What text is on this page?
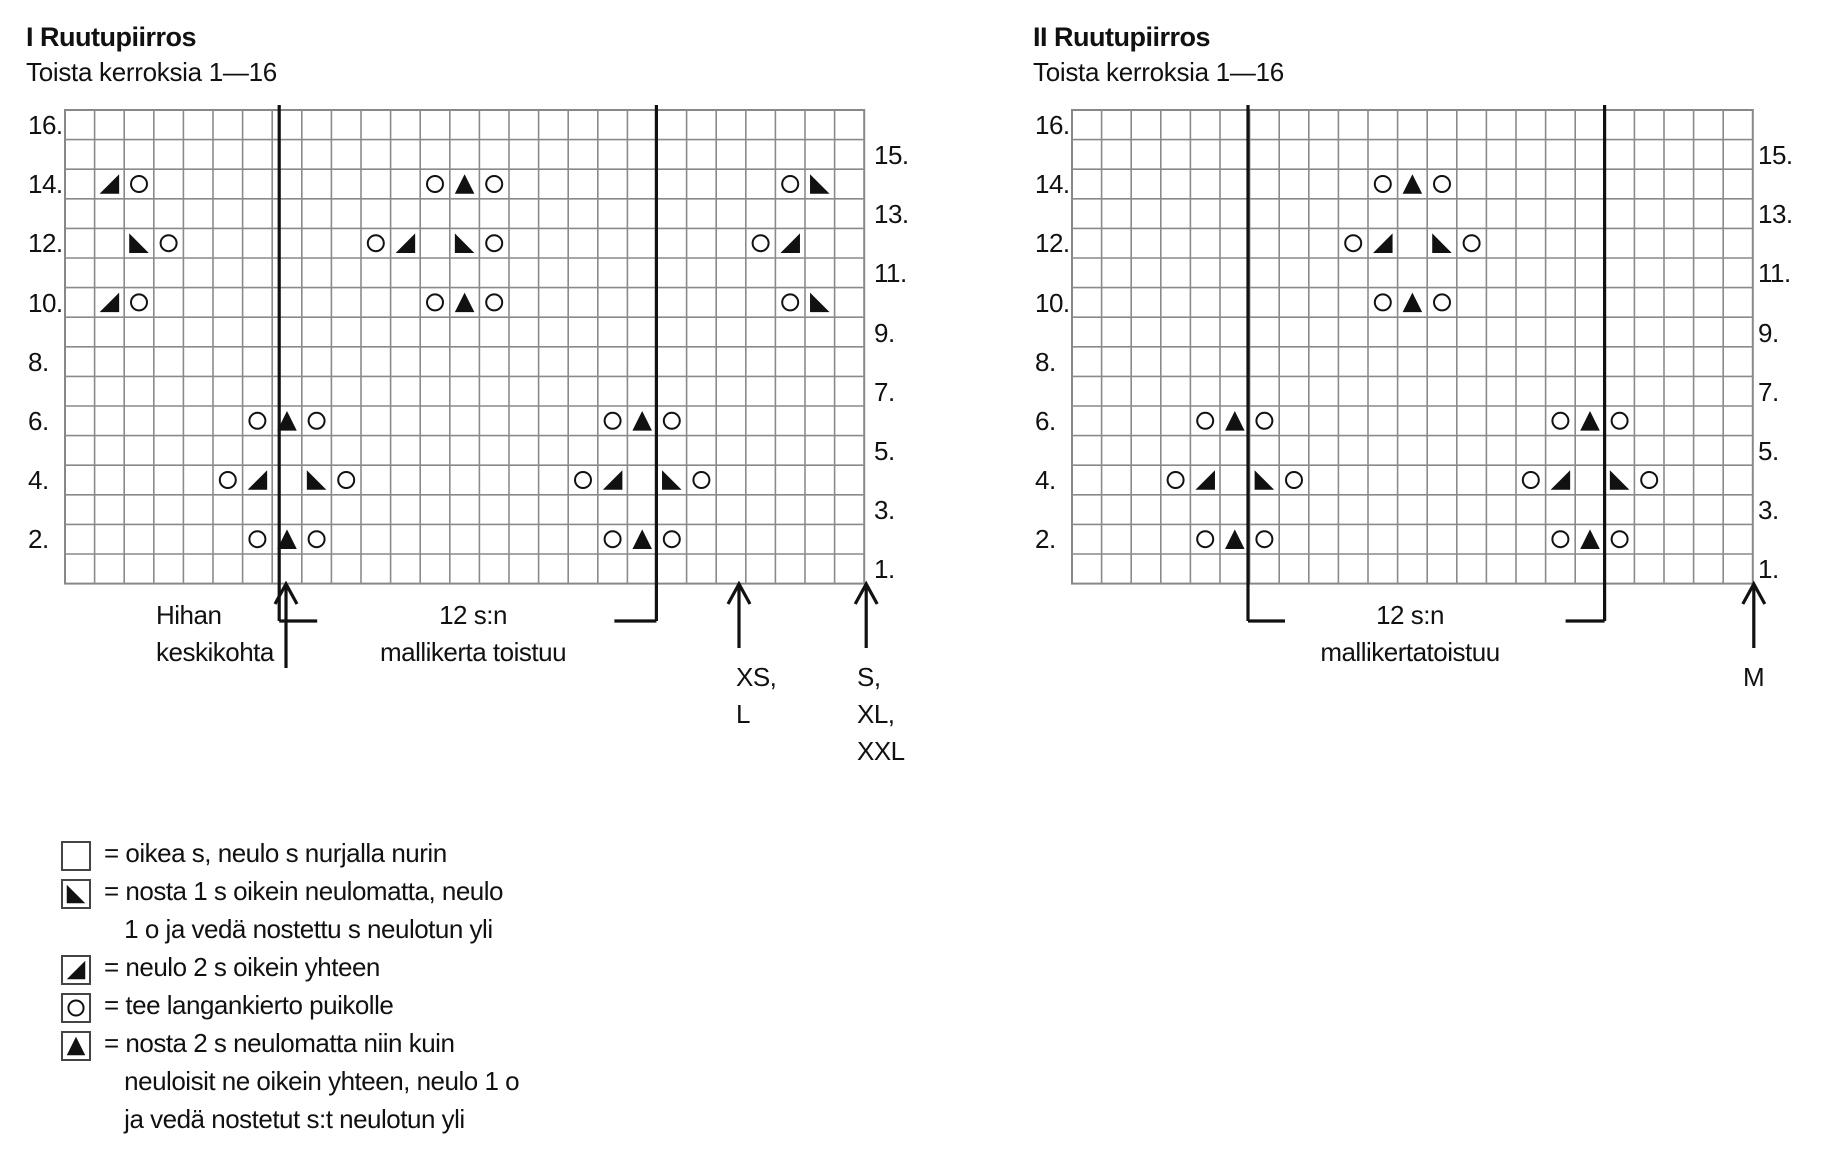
I Ruutupiirros
Toista kerroksia 1—16
16.
14.
12.
10.
8.
6.
4.
2.
15.
13.
11.
9.
7.
5.
3.
1.
Hihan
keskikohta
12 s:n
mallikerta toistuu
XS,
L
S,
XL,
XXL
II Ruutupiirros
Toista kerroksia 1—16
16.
14.
12.
10.
8.
6.
4.
2.
15.
13.
11.
9.
7.
5.
3.
1.
12 s:n
mallikertatoistuu
M
= oikea s, neulo s nurjalla nurin
= nosta 1 s oikein neulomatta, neulo
1 o ja vedä nostettu s neulotun yli
= neulo 2 s oikein yhteen
= tee langankierto puikolle
= nosta 2 s neulomatta niin kuin
neuloisit ne oikein yhteen, neulo 1 o
ja vedä nostetut s:t neulotun yli
